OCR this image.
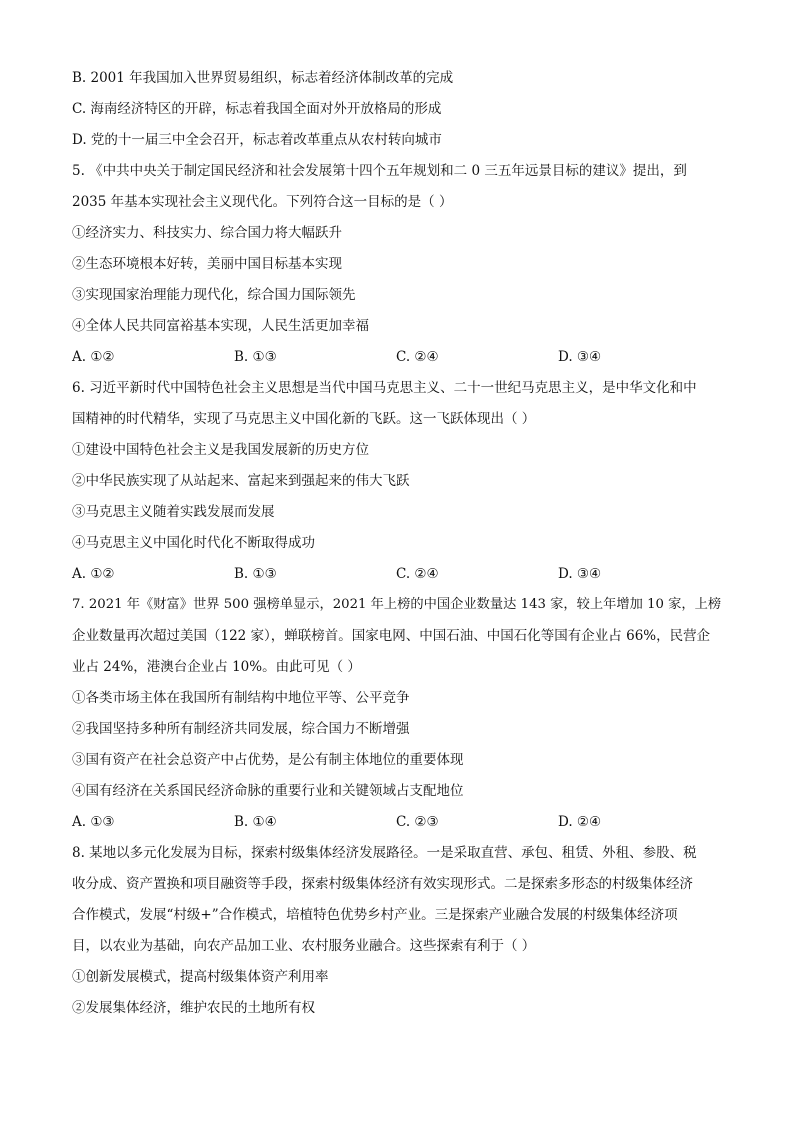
B. 2001 年我国加入世界贸易组织，标志着经济体制改革的完成
C. 海南经济特区的开辟，标志着我国全面对外开放格局的形成
D. 党的十一届三中全会召开，标志着改革重点从农村转向城市
5. 《中共中央关于制定国民经济和社会发展第十四个五年规划和二 0 三五年远景目标的建议》提出，到
2035 年基本实现社会主义现代化。下列符合这一目标的是（ ）
①经济实力、科技实力、综合国力将大幅跃升
②生态环境根本好转，美丽中国目标基本实现
③实现国家治理能力现代化，综合国力国际领先
④全体人民共同富裕基本实现，人民生活更加幸福
A. ①②	B. ①③	C. ②④	D. ③④
6. 习近平新时代中国特色社会主义思想是当代中国马克思主义、二十一世纪马克思主义，是中华文化和中
国精神的时代精华，实现了马克思主义中国化新的飞跃。这一飞跃体现出（ ）
①建设中国特色社会主义是我国发展新的历史方位
②中华民族实现了从站起来、富起来到强起来的伟大飞跃
③马克思主义随着实践发展而发展
④马克思主义中国化时代化不断取得成功
A. ①②	B. ①③	C. ②④	D. ③④
7. 2021 年《财富》世界 500 强榜单显示，2021 年上榜的中国企业数量达 143 家，较上年增加 10 家，上榜
企业数量再次超过美国（122 家），蝉联榜首。国家电网、中国石油、中国石化等国有企业占 66%，民营企
业占 24%，港澳台企业占 10%。由此可见（ ）
①各类市场主体在我国所有制结构中地位平等、公平竞争
②我国坚持多种所有制经济共同发展，综合国力不断增强
③国有资产在社会总资产中占优势，是公有制主体地位的重要体现
④国有经济在关系国民经济命脉的重要行业和关键领域占支配地位
A. ①③	B. ①④	C. ②③	D. ②④
8. 某地以多元化发展为目标，探索村级集体经济发展路径。一是采取直营、承包、租赁、外租、参股、税
收分成、资产置换和项目融资等手段，探索村级集体经济有效实现形式。二是探索多形态的村级集体经济
合作模式，发展“村级+”合作模式，培植特色优势乡村产业。三是探索产业融合发展的村级集体经济项
目，以农业为基础，向农产品加工业、农村服务业融合。这些探索有利于（ ）
①创新发展模式，提高村级集体资产利用率
②发展集体经济，维护农民的土地所有权
